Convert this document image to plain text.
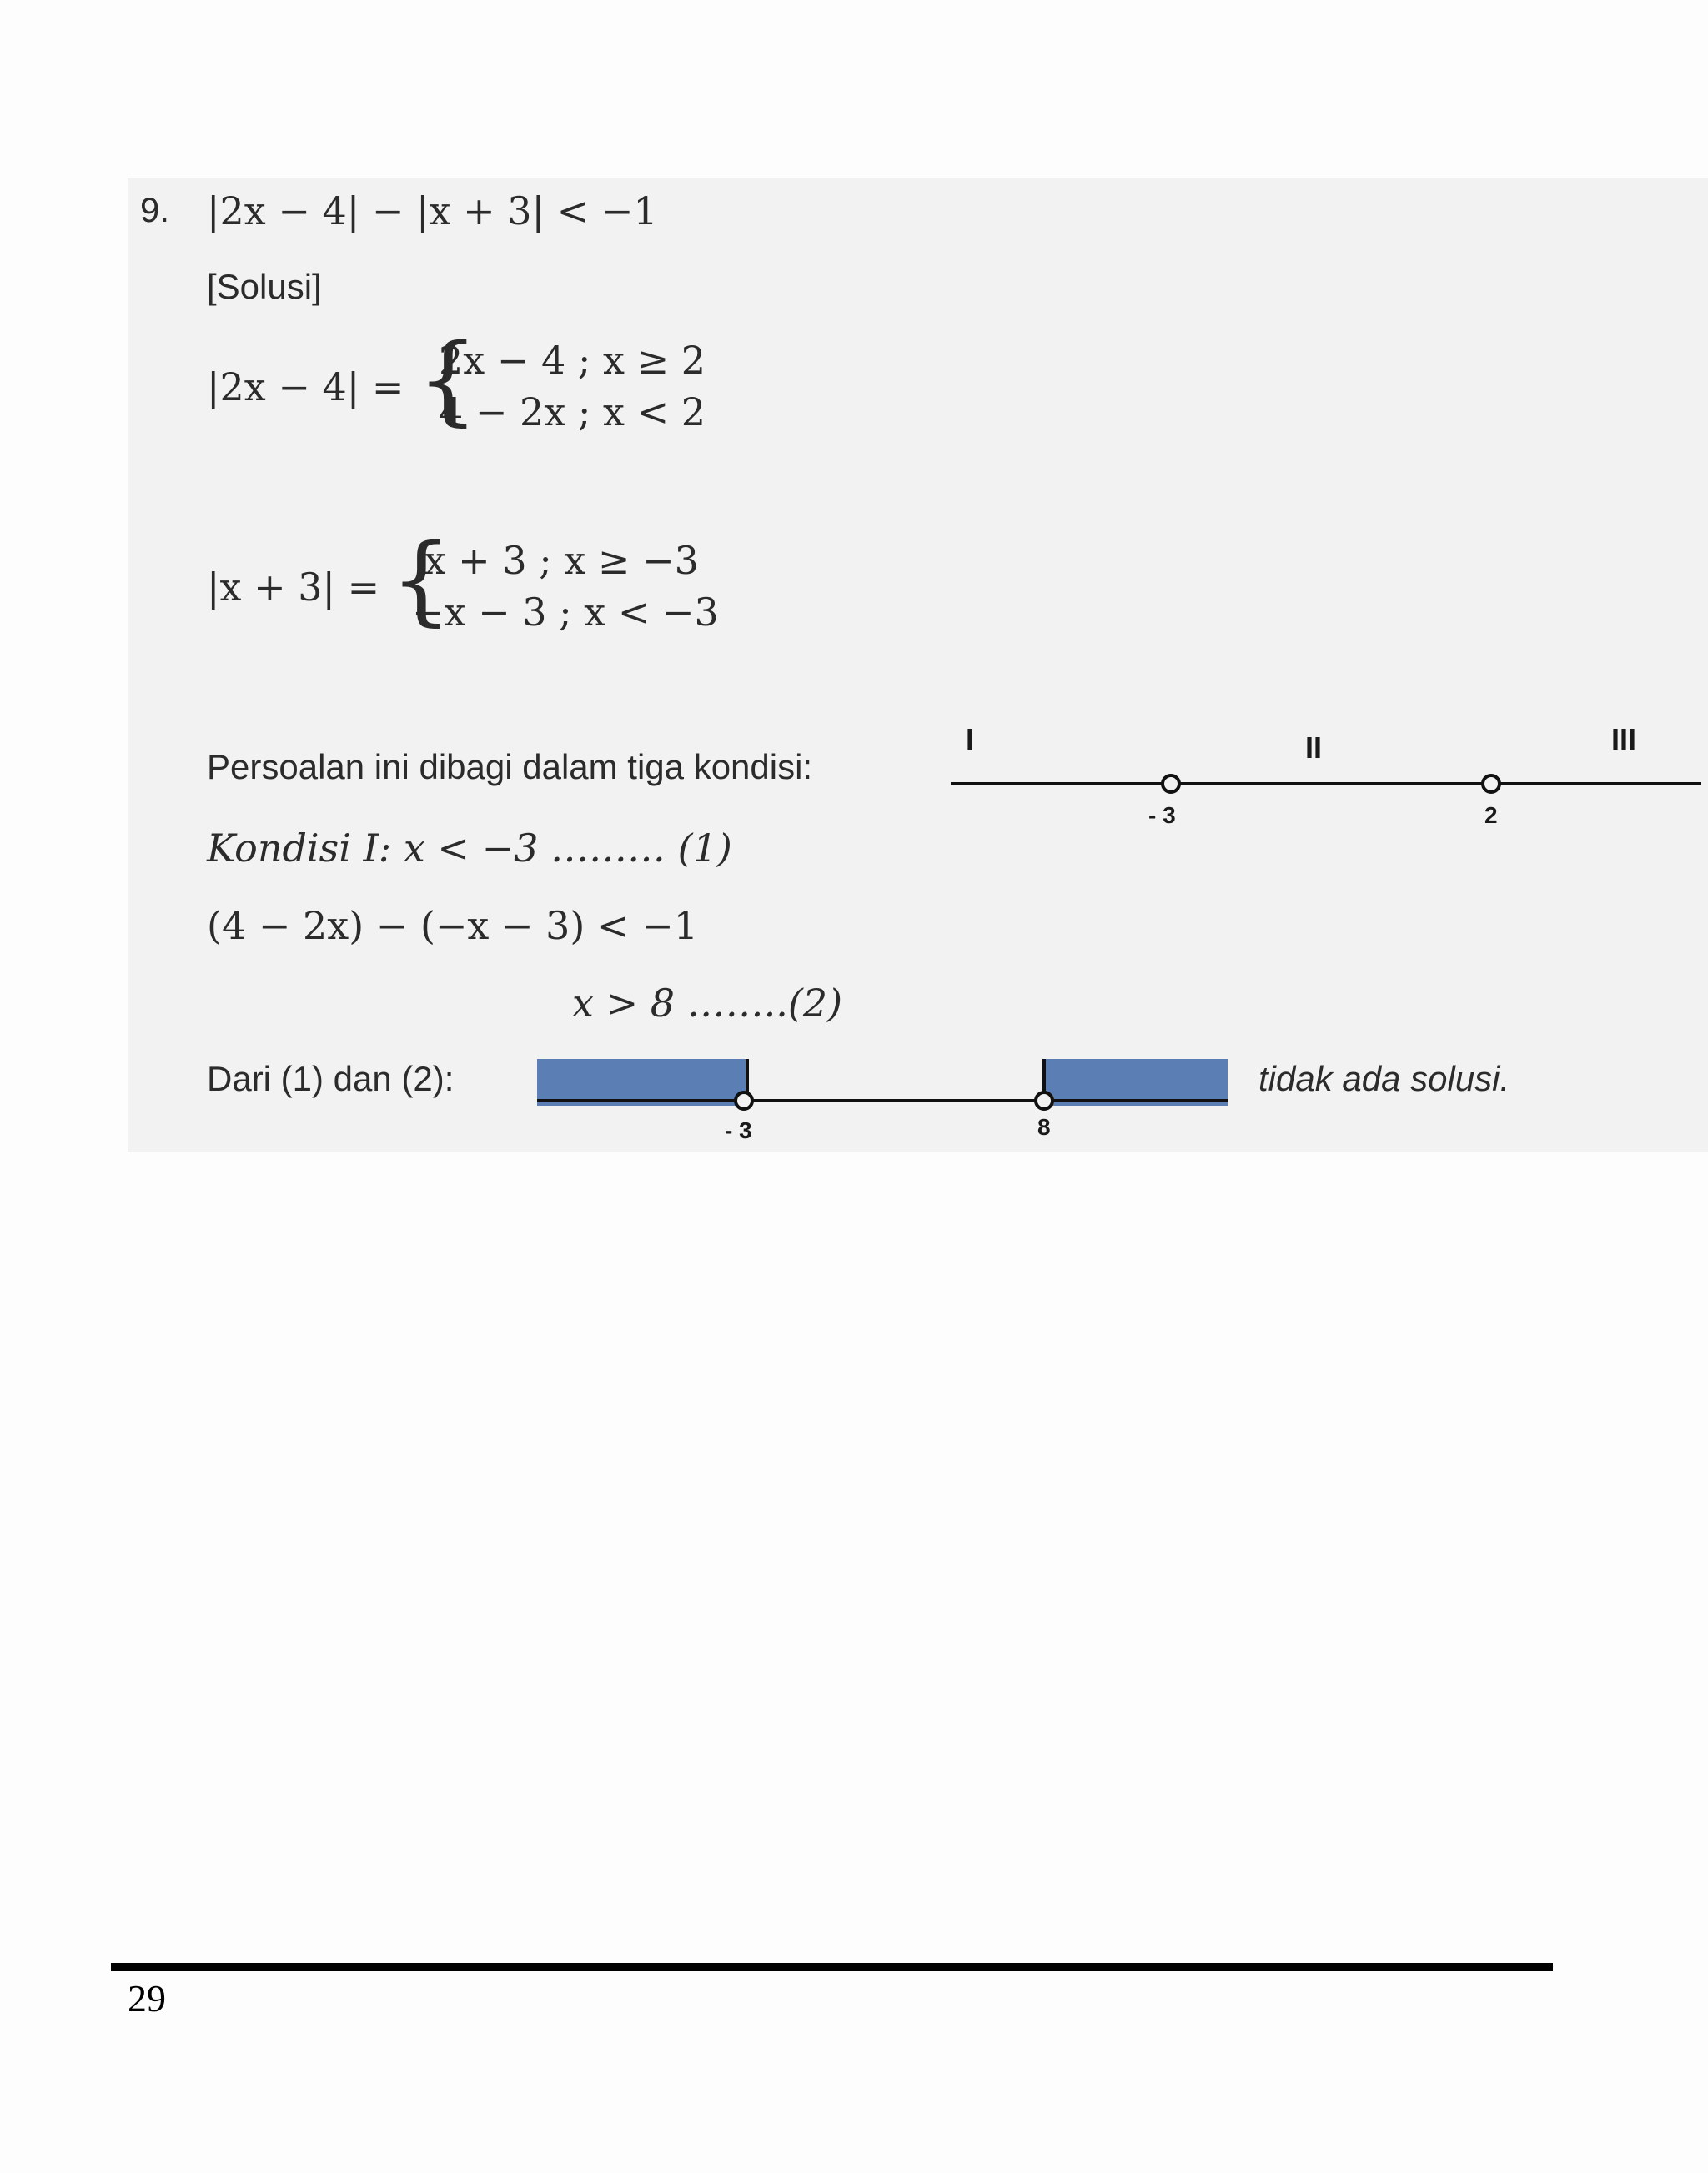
9. |2x − 4| − |x + 3| < −1
[Solusi]
|2x − 4| = {
2x − 4 ; x ≥ 2
4 − 2x ; x < 2
|x + 3| = {
x + 3 ; x ≥ −3
−x − 3 ; x < −3
Persoalan ini dibagi dalam tiga kondisi:
I	II	III
- 3	2
Kondisi I: x < −3 ……… (1)
(4 − 2x) − (−x − 3) < −1
x > 8 ……..(2)
Dari (1) dan (2):
- 3	8
tidak ada solusi.
29
